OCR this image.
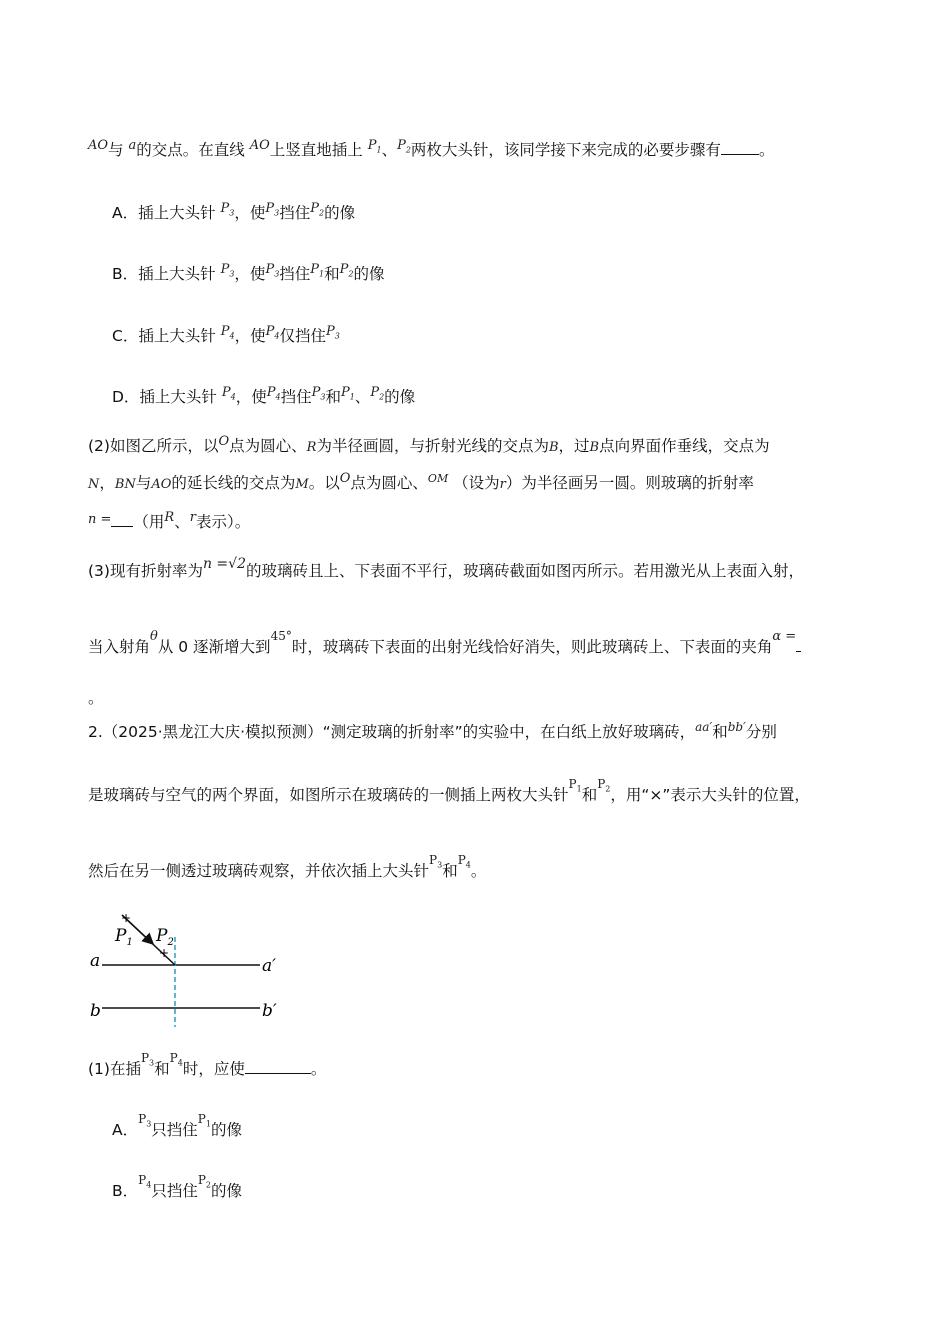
$^{AO}$与 $^a$的交点。在直线 $^{AO}$上竖直地插上 $^{P_1}$、$^{P_2}$两枚大头针，该同学接下来完成的必要步骤有 。
A．插上大头针 $^{P_3}$，使$^{P_3}$挡住$^{P_2}$的像
B．插上大头针 $^{P_3}$，使$^{P_3}$挡住$^{P_1}$和$^{P_2}$的像
C．插上大头针 $^{P_4}$，使$^{P_4}$仅挡住$^{P_3}$
D．插上大头针 $^{P_4}$，使$^{P_4}$挡住$^{P_3}$和$^{P_1}$、$^{P_2}$的像
(2)如图乙所示，以$^O$点为圆心、R为半径画圆，与折射光线的交点为B，过B点向界面作垂线，交点为
N，BN与AO的延长线的交点为M。以$^O$点为圆心、$^{OM}$ （设为r）为半径画另一圆。则玻璃的折射率
$^{n =}$ （用$^R$、$^r$表示）。
(3)现有折射率为n =√2的玻璃砖且上、下表面不平行，玻璃砖截面如图丙所示。若用激光从上表面入射，
当入射角$^\theta$从 0 逐渐增大到$^{45^\circ}$时，玻璃砖下表面的出射光线恰好消失，则此玻璃砖上、下表面的夹角$^{\alpha =}$
。
2.（2025·黑龙江大庆·模拟预测）“测定玻璃的折射率”的实验中，在白纸上放好玻璃砖，$^{aa'}$和$^{bb'}$分别
是玻璃砖与空气的两个界面，如图所示在玻璃砖的一侧插上两枚大头针$^{P_1}$和$^{P_2}$，用“×”表示大头针的位置，
然后在另一侧透过玻璃砖观察，并依次插上大头针$^{P_3}$和$^{P_4}$。
+
+
$P_1$ $P_2$
a	a′
b	b′
(1)在插$^{P_3}$和$^{P_4}$时，应使	。
A．$^{P_3}$只挡住$^{P_1}$的像
B．$^{P_4}$只挡住$^{P_2}$的像
